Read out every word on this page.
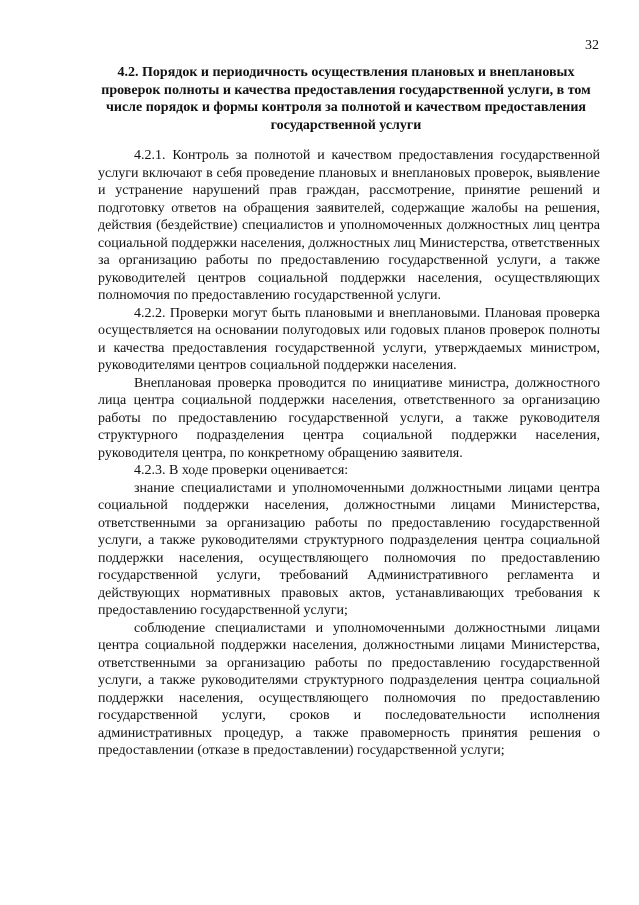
32
4.2. Порядок и периодичность осуществления плановых и внеплановых проверок полноты и качества предоставления государственной услуги, в том числе порядок и формы контроля за полнотой и качеством предоставления государственной услуги

4.2.1. Контроль за полнотой и качеством предоставления государственной услуги включают в себя проведение плановых и внеплановых проверок, выявление и устранение нарушений прав граждан, рассмотрение, принятие решений и подготовку ответов на обращения заявителей, содержащие жалобы на решения, действия (бездействие) специалистов и уполномоченных должностных лиц центра социальной поддержки населения, должностных лиц Министерства, ответственных за организацию работы по предоставлению государственной услуги, а также руководителей центров социальной поддержки населения, осуществляющих полномочия по предоставлению государственной услуги.

4.2.2. Проверки могут быть плановыми и внеплановыми. Плановая проверка осуществляется на основании полугодовых или годовых планов проверок полноты и качества предоставления государственной услуги, утверждаемых министром, руководителями центров социальной поддержки населения.

Внеплановая проверка проводится по инициативе министра, должностного лица центра социальной поддержки населения, ответственного за организацию работы по предоставлению государственной услуги, а также руководителя структурного подразделения центра социальной поддержки населения, руководителя центра, по конкретному обращению заявителя.

4.2.3. В ходе проверки оценивается:

знание специалистами и уполномоченными должностными лицами центра социальной поддержки населения, должностными лицами Министерства, ответственными за организацию работы по предоставлению государственной услуги, а также руководителями структурного подразделения центра социальной поддержки населения, осуществляющего полномочия по предоставлению государственной услуги, требований Административного регламента и действующих нормативных правовых актов, устанавливающих требования к предоставлению государственной услуги;

соблюдение специалистами и уполномоченными должностными лицами центра социальной поддержки населения, должностными лицами Министерства, ответственными за организацию работы по предоставлению государственной услуги, а также руководителями структурного подразделения центра социальной поддержки населения, осуществляющего полномочия по предоставлению государственной услуги, сроков и последовательности исполнения административных процедур, а также правомерность принятия решения о предоставлении (отказе в предоставлении) государственной услуги;
